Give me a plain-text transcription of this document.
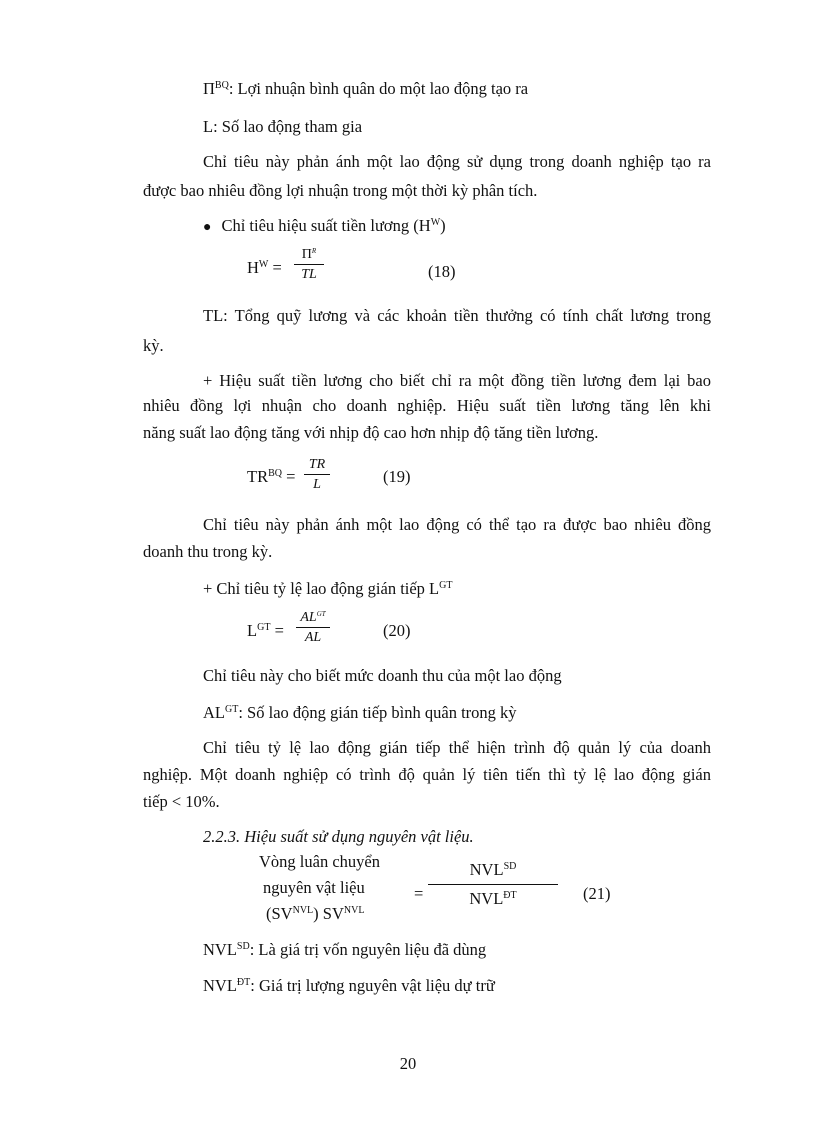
$\Pi^{BQ}$: Lợi nhuận bình quân do một lao động tạo ra
L: Số lao động tham gia
Chỉ tiêu này phản ánh một lao động sử dụng trong doanh nghiệp tạo ra
được bao nhiêu đồng lợi nhuận trong một thời kỳ phân tích.
● Chỉ tiêu hiệu suất tiền lương $(H^W)$
$H^W = \frac{\Pi^R}{TL}$	(18)
TL: Tổng quỹ lương và các khoản tiền thưởng có tính chất lương trong
kỳ.
+ Hiệu suất tiền lương cho biết chỉ ra một đồng tiền lương đem lại bao
nhiêu đồng lợi nhuận cho doanh nghiệp. Hiệu suất tiền lương tăng lên khi
năng suất lao động tăng với nhịp độ cao hơn nhịp độ tăng tiền lương.
$TR^{BQ} = \frac{TR}{L}$	(19)
Chỉ tiêu này phản ánh một lao động có thể tạo ra được bao nhiêu đồng
doanh thu trong kỳ.
+ Chỉ tiêu tỷ lệ lao động gián tiếp $L^{GT}$
$L^{GT}$ =
$AL^{GT}$
AL	(20)
Chỉ tiêu này cho biết mức doanh thu của một lao động
$AL^{GT}$: Số lao động gián tiếp bình quân trong kỳ
Chỉ tiêu tỷ lệ lao động gián tiếp thể hiện trình độ quản lý của doanh
nghiệp. Một doanh nghiệp có trình độ quản lý tiên tiến thì tỷ lệ lao động gián
tiếp < 10%.
2.2.3. Hiệu suất sử dụng nguyên vật liệu.
Vòng luân chuyển
nguyên vật liệu
$(SV^{NVL})$ $SV^{NVL}$
=
$NVL^{SD}$
$NVL^{ĐT}$	(21)
$NVL^{SD}$: Là giá trị vốn nguyên liệu đã dùng
$NVL^{ĐT}$: Giá trị lượng nguyên vật liệu dự trữ
20
